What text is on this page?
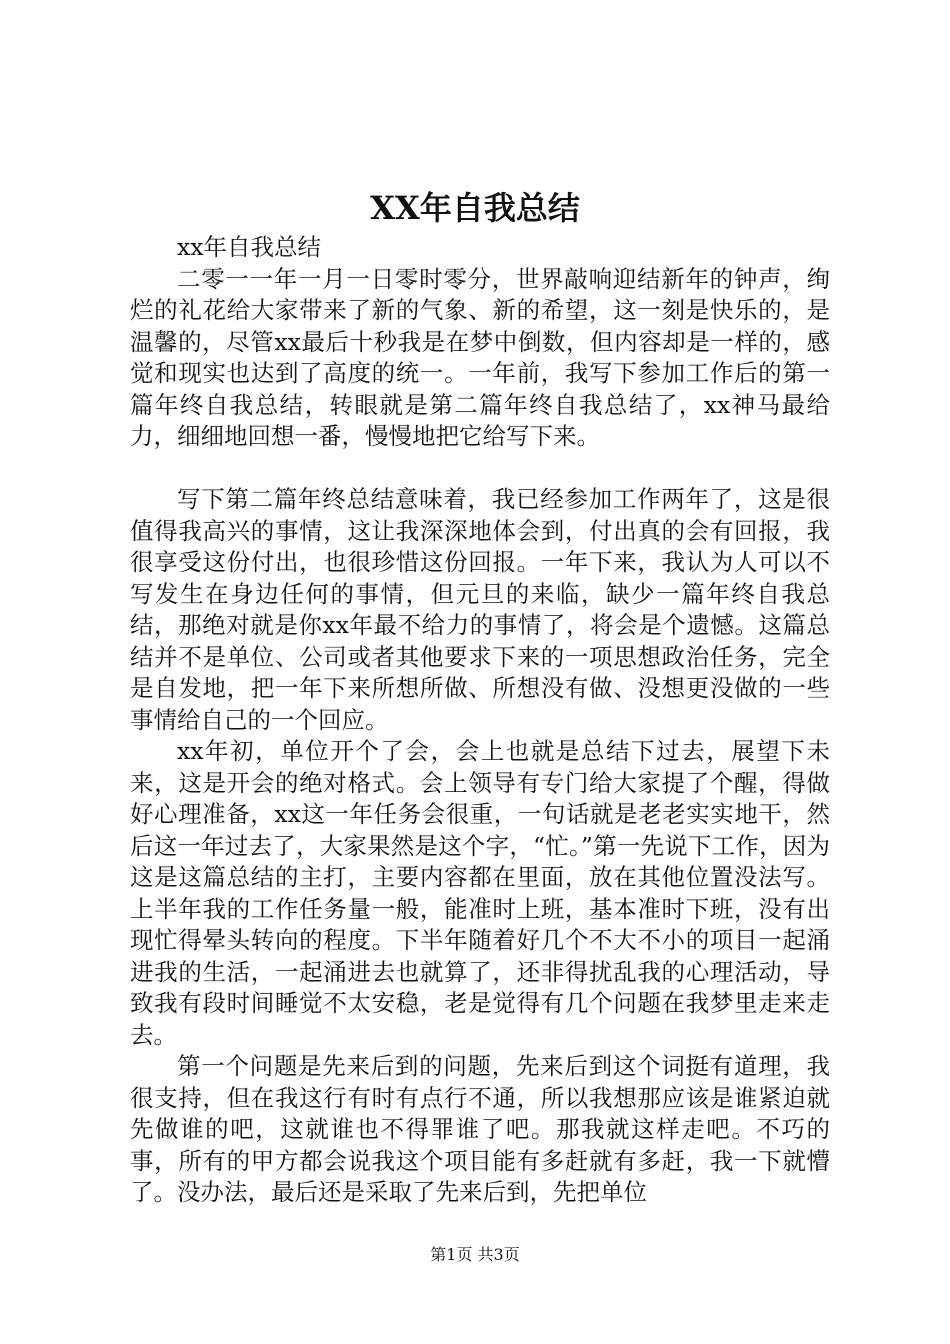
XX年自我总结

xx年自我总结

二零一一年一月一日零时零分，世界敲响迎结新年的钟声，绚烂的礼花给大家带来了新的气象、新的希望，这一刻是快乐的，是温馨的，尽管xx最后十秒我是在梦中倒数，但内容却是一样的，感觉和现实也达到了高度的统一。一年前，我写下参加工作后的第一篇年终自我总结，转眼就是第二篇年终自我总结了，xx神马最给力，细细地回想一番，慢慢地把它给写下来。

写下第二篇年终总结意味着，我已经参加工作两年了，这是很值得我高兴的事情，这让我深深地体会到，付出真的会有回报，我很享受这份付出，也很珍惜这份回报。一年下来，我认为人可以不写发生在身边任何的事情，但元旦的来临，缺少一篇年终自我总结，那绝对就是你xx年最不给力的事情了，将会是个遗憾。这篇总结并不是单位、公司或者其他要求下来的一项思想政治任务，完全是自发地，把一年下来所想所做、所想没有做、没想更没做的一些事情给自己的一个回应。

xx年初，单位开个了会，会上也就是总结下过去，展望下未来，这是开会的绝对格式。会上领导有专门给大家提了个醒，得做好心理准备，xx这一年任务会很重，一句话就是老老实实地干，然后这一年过去了，大家果然是这个字，“忙。”第一先说下工作，因为这是这篇总结的主打，主要内容都在里面，放在其他位置没法写。上半年我的工作任务量一般，能准时上班，基本准时下班，没有出现忙得晕头转向的程度。下半年随着好几个不大不小的项目一起涌进我的生活，一起涌进去也就算了，还非得扰乱我的心理活动，导致我有段时间睡觉不太安稳，老是觉得有几个问题在我梦里走来走去。

第一个问题是先来后到的问题，先来后到这个词挺有道理，我很支持，但在我这行有时有点行不通，所以我想那应该是谁紧迫就先做谁的吧，这就谁也不得罪谁了吧。那我就这样走吧。不巧的事，所有的甲方都会说我这个项目能有多赶就有多赶，我一下就懵了。没办法，最后还是采取了先来后到，先把单位

第1页 共3页
